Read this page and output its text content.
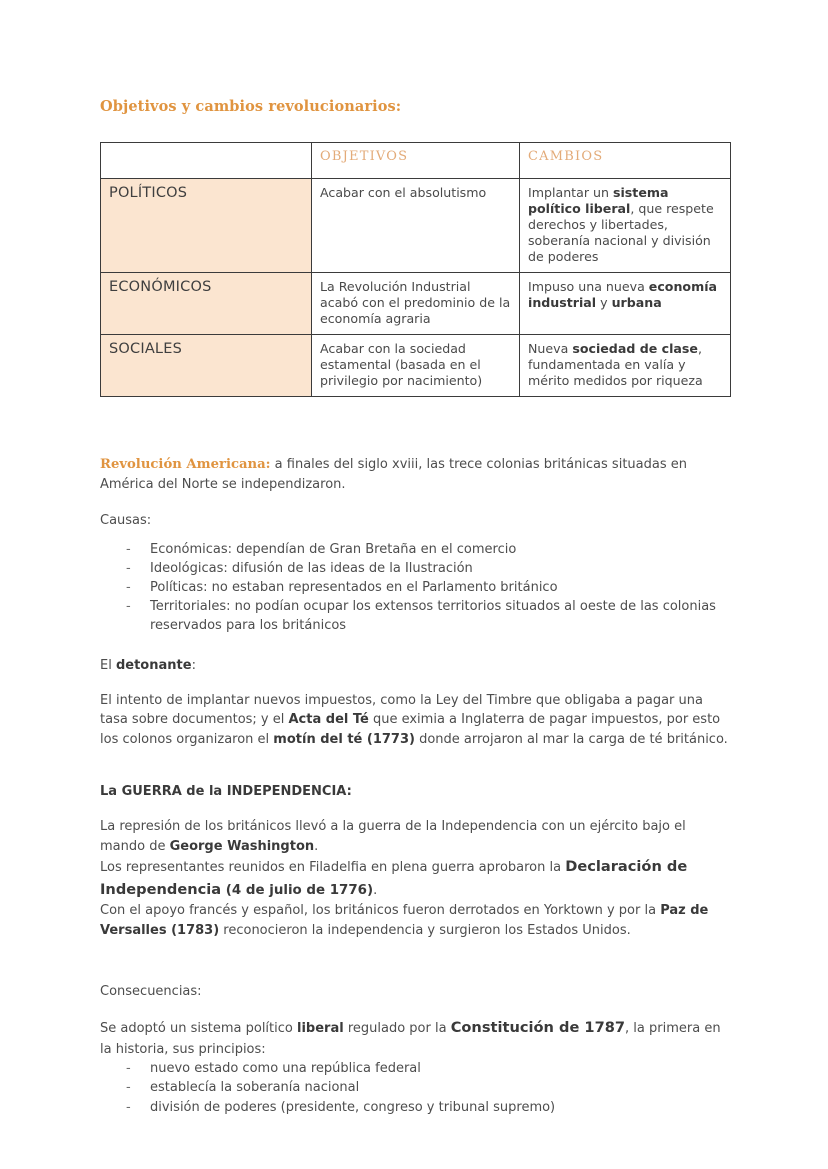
Objetivos y cambios revolucionarios:
	OBJETIVOS	CAMBIOS
POLÍTICOS	Acabar con el absolutismo	Implantar un sistema político liberal, que respete derechos y libertades, soberanía nacional y división de poderes
ECONÓMICOS	La Revolución Industrial acabó con el predominio de la economía agraria	Impuso una nueva economía industrial y urbana
SOCIALES	Acabar con la sociedad estamental (basada en el privilegio por nacimiento)	Nueva sociedad de clase, fundamentada en valía y mérito medidos por riqueza

Revolución Americana: a finales del siglo xviii, las trece colonias británicas situadas en América del Norte se independizaron.

Causas:

- Económicas: dependían de Gran Bretaña en el comercio
- Ideológicas: difusión de las ideas de la Ilustración
- Políticas: no estaban representados en el Parlamento británico
- Territoriales: no podían ocupar los extensos territorios situados al oeste de las colonias reservados para los británicos

El detonante:

El intento de implantar nuevos impuestos, como la Ley del Timbre que obligaba a pagar una tasa sobre documentos; y el Acta del Té que eximia a Inglaterra de pagar impuestos, por esto los colonos organizaron el motín del té (1773) donde arrojaron al mar la carga de té británico.

La GUERRA de la INDEPENDENCIA:

La represión de los británicos llevó a la guerra de la Independencia con un ejército bajo el mando de George Washington.

Los representantes reunidos en Filadelfia en plena guerra aprobaron la Declaración de Independencia (4 de julio de 1776).

Con el apoyo francés y español, los británicos fueron derrotados en Yorktown y por la Paz de Versalles (1783) reconocieron la independencia y surgieron los Estados Unidos.

Consecuencias:

Se adoptó un sistema político liberal regulado por la Constitución de 1787, la primera en la historia, sus principios:

- nuevo estado como una república federal
- establecía la soberanía nacional
- división de poderes (presidente, congreso y tribunal supremo)
